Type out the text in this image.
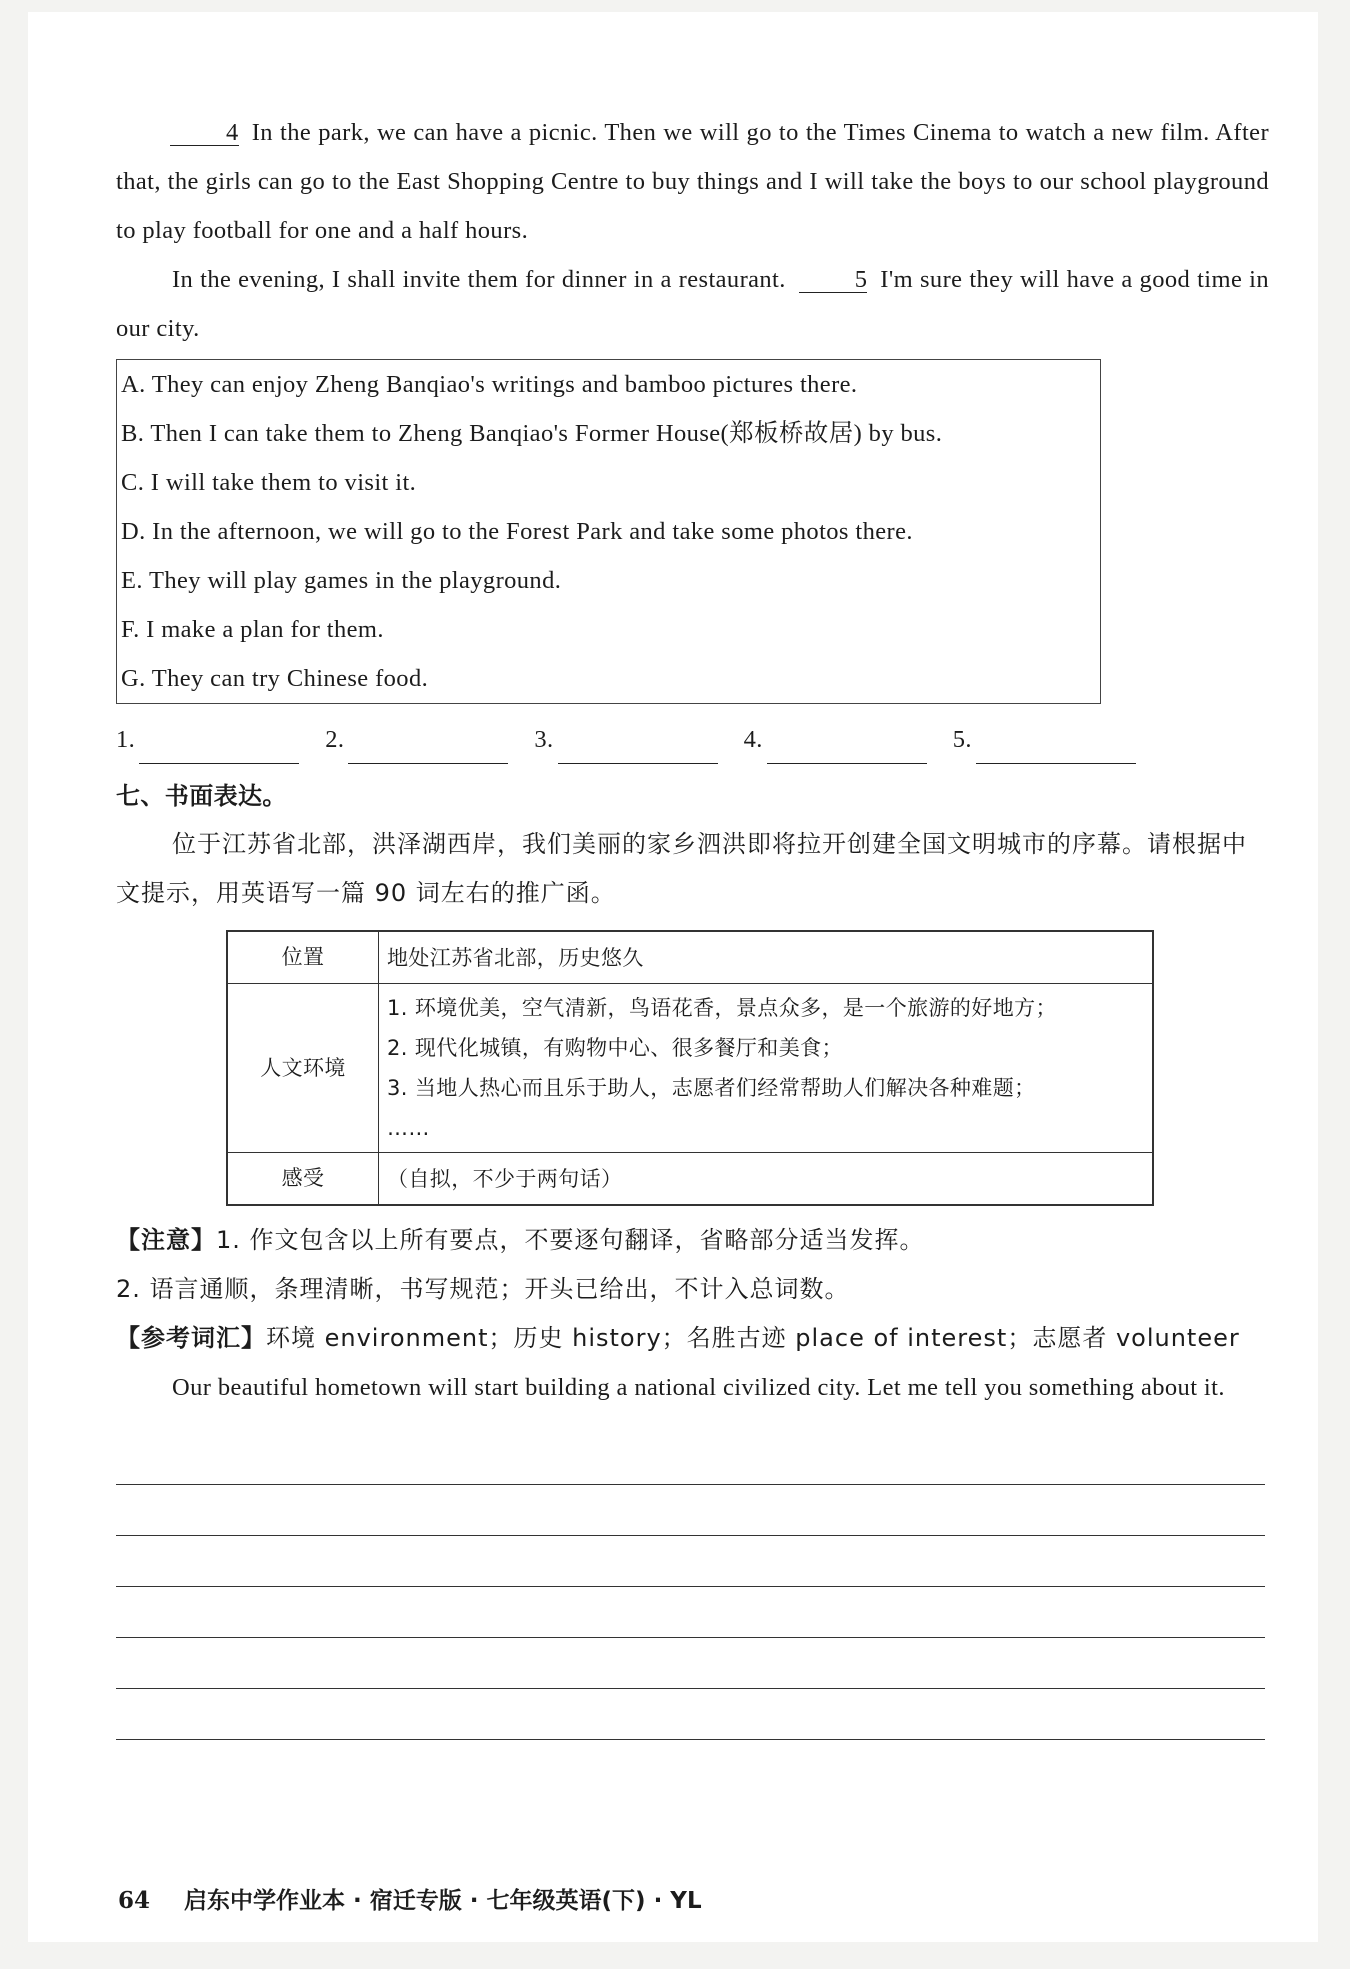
4 In the park, we can have a picnic. Then we will go to the Times Cinema to watch a new film. After that, the girls can go to the East Shopping Centre to buy things and I will take the boys to our school playground to play football for one and a half hours.

In the evening, I shall invite them for dinner in a restaurant.	5 I'm sure they will have a good time in our city.

A. They can enjoy Zheng Banqiao's writings and bamboo pictures there.
B. Then I can take them to Zheng Banqiao's Former House(郑板桥故居) by bus.
C. I will take them to visit it.
D. In the afternoon, we will go to the Forest Park and take some photos there.
E. They will play games in the playground.
F. I make a plan for them.
G. They can try Chinese food.
1.	2.	3.	4.	5.
七、书面表达。

位于江苏省北部，洪泽湖西岸，我们美丽的家乡泗洪即将拉开创建全国文明城市的序幕。请根据中文提示，用英语写一篇 90 词左右的推广函。

位置	地处江苏省北部，历史悠久
人文环境	1. 环境优美，空气清新，鸟语花香，景点众多，是一个旅游的好地方；
2. 现代化城镇，有购物中心、很多餐厅和美食；
3. 当地人热心而且乐于助人，志愿者们经常帮助人们解决各种难题；
……

感受	（自拟，不少于两句话）

【注意】1. 作文包含以上所有要点，不要逐句翻译，省略部分适当发挥。

2. 语言通顺，条理清晰，书写规范；开头已给出，不计入总词数。

【参考词汇】环境 environment；历史 history；名胜古迹 place of interest；志愿者 volunteer

Our beautiful hometown will start building a national civilized city. Let me tell you something about it.

64 启东中学作业本 · 宿迁专版 · 七年级英语(下) · YL
